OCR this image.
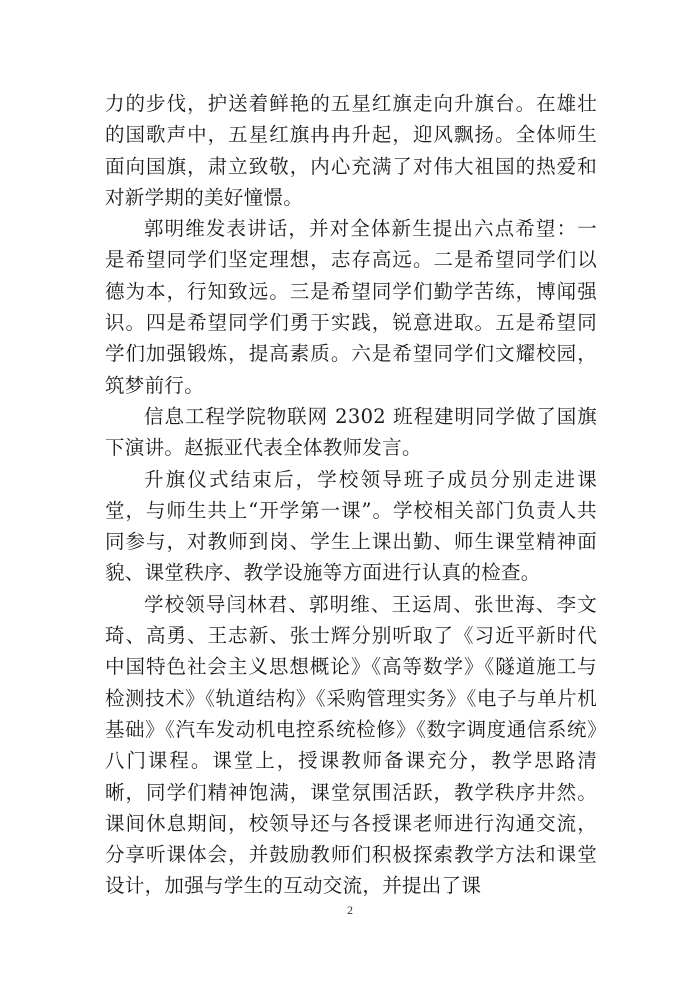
力的步伐，护送着鲜艳的五星红旗走向升旗台。在雄壮的国歌声中，五星红旗冉冉升起，迎风飘扬。全体师生面向国旗，肃立致敬，内心充满了对伟大祖国的热爱和对新学期的美好憧憬。

郭明维发表讲话，并对全体新生提出六点希望：一是希望同学们坚定理想，志存高远。二是希望同学们以德为本，行知致远。三是希望同学们勤学苦练，博闻强识。四是希望同学们勇于实践，锐意进取。五是希望同学们加强锻炼，提高素质。六是希望同学们文耀校园，筑梦前行。

信息工程学院物联网 2302 班程建明同学做了国旗下演讲。赵振亚代表全体教师发言。

升旗仪式结束后，学校领导班子成员分别走进课堂，与师生共上“开学第一课”。学校相关部门负责人共同参与，对教师到岗、学生上课出勤、师生课堂精神面貌、课堂秩序、教学设施等方面进行认真的检查。

学校领导闫林君、郭明维、王运周、张世海、李文琦、高勇、王志新、张士辉分别听取了《习近平新时代中国特色社会主义思想概论》《高等数学》《隧道施工与检测技术》《轨道结构》《采购管理实务》《电子与单片机基础》《汽车发动机电控系统检修》《数字调度通信系统》八门课程。课堂上，授课教师备课充分，教学思路清晰，同学们精神饱满，课堂氛围活跃，教学秩序井然。课间休息期间，校领导还与各授课老师进行沟通交流，分享听课体会，并鼓励教师们积极探索教学方法和课堂设计，加强与学生的互动交流，并提出了课

2
